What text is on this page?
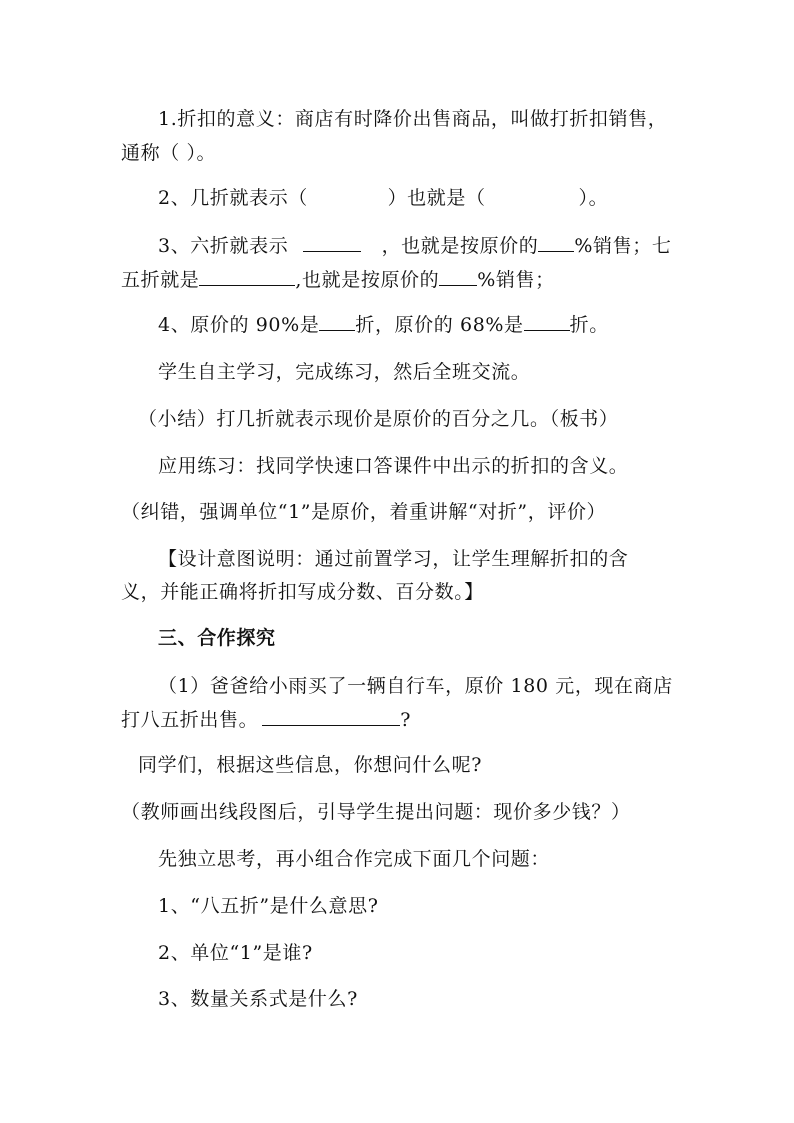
1.折扣的意义：商店有时降价出售商品，叫做打折扣销售，
通称（ ）。
2、几折就表示（            ）也就是（              ）。
3、六折就表示	，也就是按原价的 %销售；七
五折就是	,也就是按原价的 %销售；
4、原价的 90%是 折，原价的 68%是 折。
学生自主学习，完成练习，然后全班交流。
（小结）打几折就表示现价是原价的百分之几。（板书）
应用练习：找同学快速口答课件中出示的折扣的含义。
（纠错，强调单位“1”是原价，着重讲解“对折”，评价）
【设计意图说明：通过前置学习，让学生理解折扣的含
义，并能正确将折扣写成分数、百分数。】
三、合作探究
（1）爸爸给小雨买了一辆自行车，原价 180 元，现在商店
打八五折出售。	?
同学们，根据这些信息，你想问什么呢?
（教师画出线段图后，引导学生提出问题：现价多少钱？）
先独立思考，再小组合作完成下面几个问题：
1、“八五折”是什么意思?
2、单位“1”是谁?
3、数量关系式是什么?
